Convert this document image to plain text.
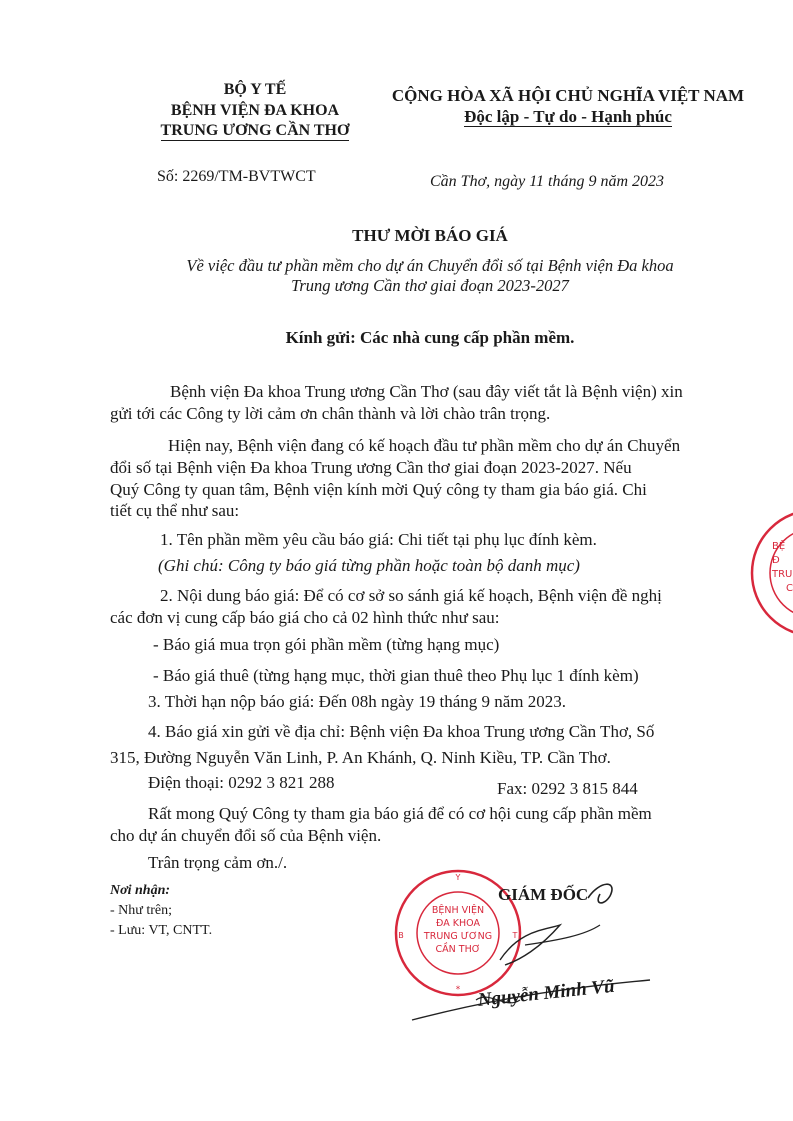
BỘ Y TẾ
BỆNH VIỆN ĐA KHOA
TRUNG ƯƠNG CẦN THƠ
CỘNG HÒA XÃ HỘI CHỦ NGHĨA VIỆT NAM
Độc lập - Tự do - Hạnh phúc
Số: 2269/TM-BVTWCT	Cần Thơ, ngày 11 tháng 9 năm 2023
THƯ MỜI BÁO GIÁ
Về việc đầu tư phần mềm cho dự án Chuyển đổi số tại Bệnh viện Đa khoa
Trung ương Cần thơ giai đoạn 2023-2027
Kính gửi: Các nhà cung cấp phần mềm.
Bệnh viện Đa khoa Trung ương Cần Thơ (sau đây viết tắt là Bệnh viện) xin
gửi tới các Công ty lời cảm ơn chân thành và lời chào trân trọng.
Hiện nay, Bệnh viện đang có kế hoạch đầu tư phần mềm cho dự án Chuyển
đổi số tại Bệnh viện Đa khoa Trung ương Cần thơ giai đoạn 2023-2027. Nếu
Quý Công ty quan tâm, Bệnh viện kính mời Quý công ty tham gia báo giá. Chi
tiết cụ thể như sau:
1. Tên phần mềm yêu cầu báo giá: Chi tiết tại phụ lục đính kèm.
(Ghi chú: Công ty báo giá từng phần hoặc toàn bộ danh mục)
2. Nội dung báo giá: Để có cơ sở so sánh giá kế hoạch, Bệnh viện đề nghị
các đơn vị cung cấp báo giá cho cả 02 hình thức như sau:
- Báo giá mua trọn gói phần mềm (từng hạng mục)
- Báo giá thuê (từng hạng mục, thời gian thuê theo Phụ lục 1 đính kèm)
3. Thời hạn nộp báo giá: Đến 08h ngày 19 tháng 9 năm 2023.
4. Báo giá xin gửi về địa chỉ: Bệnh viện Đa khoa Trung ương Cần Thơ, Số
315, Đường Nguyễn Văn Linh, P. An Khánh, Q. Ninh Kiều, TP. Cần Thơ.
Điện thoại: 0292 3 821 288	Fax: 0292 3 815 844
Rất mong Quý Công ty tham gia báo giá để có cơ hội cung cấp phần mềm
cho dự án chuyển đổi số của Bệnh viện.
Trân trọng cảm ơn./.
Nơi nhận:
- Như trên;
- Lưu: VT, CNTT.
Y
B	T
*
BỆNH VIỆN
ĐA KHOA
TRUNG ƯƠNG
CẦN THƠ
GIÁM ĐỐC
Nguyễn Minh Vũ
BỆ
Đ
TRU
C
